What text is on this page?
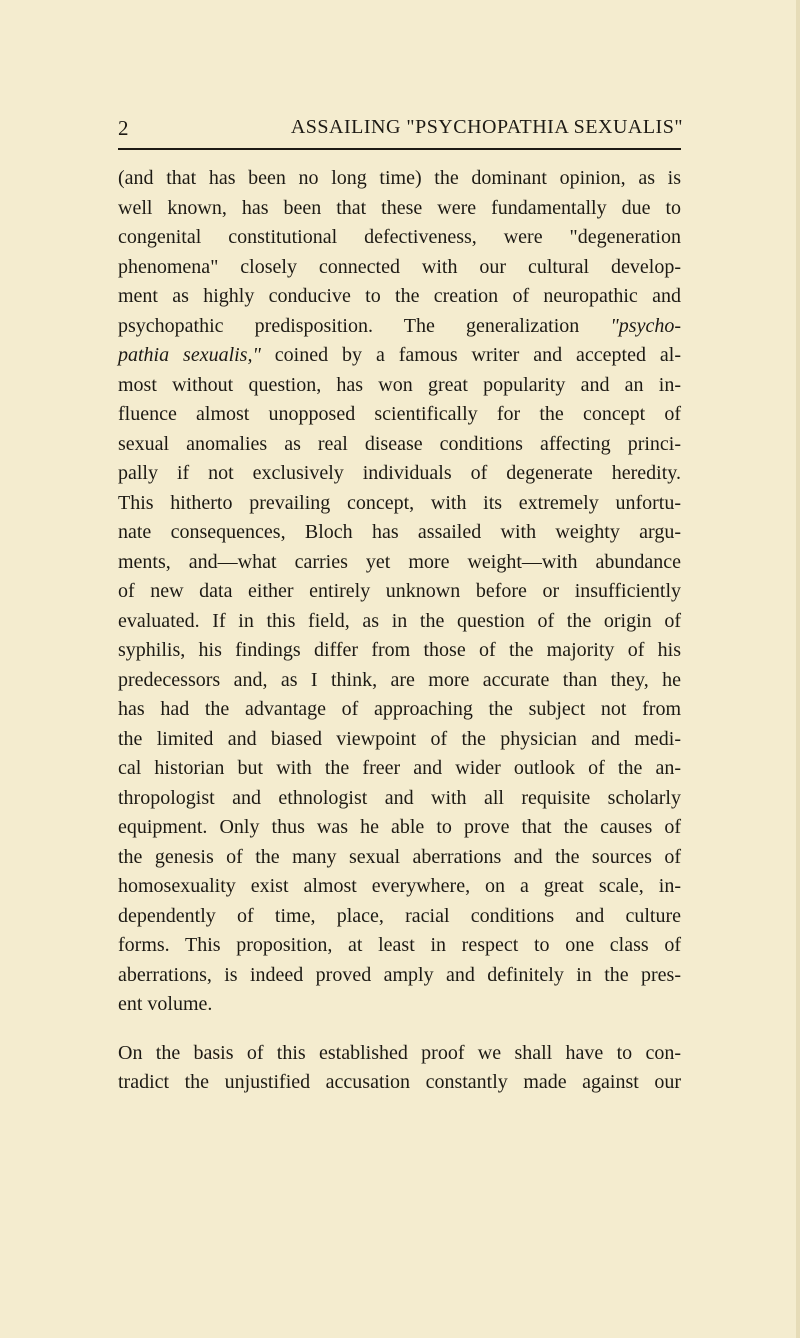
2	ASSAILING "PSYCHOPATHIA SEXUALIS"
(and that has been no long time) the dominant opinion, as is
well known, has been that these were fundamentally due to
congenital constitutional defectiveness, were "degeneration
phenomena" closely connected with our cultural develop-
ment as highly conducive to the creation of neuropathic and
psychopathic predisposition. The generalization "psycho-
pathia sexualis," coined by a famous writer and accepted al-
most without question, has won great popularity and an in-
fluence almost unopposed scientifically for the concept of
sexual anomalies as real disease conditions affecting princi-
pally if not exclusively individuals of degenerate heredity.
This hitherto prevailing concept, with its extremely unfortu-
nate consequences, Bloch has assailed with weighty argu-
ments, and—what carries yet more weight—with abundance
of new data either entirely unknown before or insufficiently
evaluated. If in this field, as in the question of the origin of
syphilis, his findings differ from those of the majority of his
predecessors and, as I think, are more accurate than they, he
has had the advantage of approaching the subject not from
the limited and biased viewpoint of the physician and medi-
cal historian but with the freer and wider outlook of the an-
thropologist and ethnologist and with all requisite scholarly
equipment. Only thus was he able to prove that the causes of
the genesis of the many sexual aberrations and the sources of
homosexuality exist almost everywhere, on a great scale, in-
dependently of time, place, racial conditions and culture
forms. This proposition, at least in respect to one class of
aberrations, is indeed proved amply and definitely in the pres-
ent volume.
On the basis of this established proof we shall have to con-
tradict the unjustified accusation constantly made against our
